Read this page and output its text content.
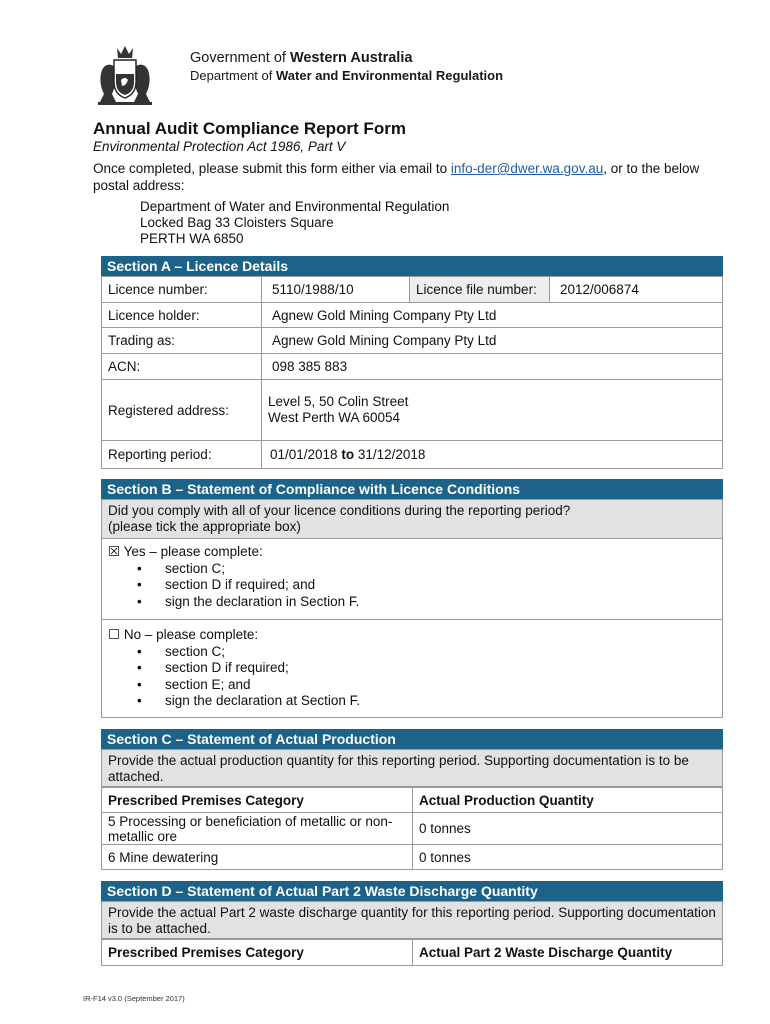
Government of Western Australia
Department of Water and Environmental Regulation
Annual Audit Compliance Report Form
Environmental Protection Act 1986, Part V
Once completed, please submit this form either via email to info-der@dwer.wa.gov.au, or to the below postal address:
Department of Water and Environmental Regulation
Locked Bag 33 Cloisters Square
PERTH WA 6850
Section A – Licence Details
Licence number:	5110/1988/10	Licence file number:	2012/006874
Licence holder:	Agnew Gold Mining Company Pty Ltd		
Trading as:	Agnew Gold Mining Company Pty Ltd		
ACN:	098 385 883		
Registered address:	Level 5, 50 Colin Street
West Perth WA 60054		

Reporting period:	01/01/2018 to 31/12/2018		
Section B – Statement of Compliance with Licence Conditions
Did you comply with all of your licence conditions during the reporting period?
(please tick the appropriate box)
☒ Yes – please complete:
• section C;
• section D if required; and
• sign the declaration in Section F.
☐ No – please complete:
• section C;
• section D if required;
• section E; and
• sign the declaration at Section F.
Section C – Statement of Actual Production
Provide the actual production quantity for this reporting period. Supporting documentation is to be attached.
Prescribed Premises Category	Actual Production Quantity
5 Processing or beneficiation of metallic or non-metallic ore	0 tonnes
6 Mine dewatering	0 tonnes
Section D – Statement of Actual Part 2 Waste Discharge Quantity
Provide the actual Part 2 waste discharge quantity for this reporting period. Supporting documentation is to be attached.
Prescribed Premises Category	Actual Part 2 Waste Discharge Quantity
IR-F14 v3.0 (September 2017)
